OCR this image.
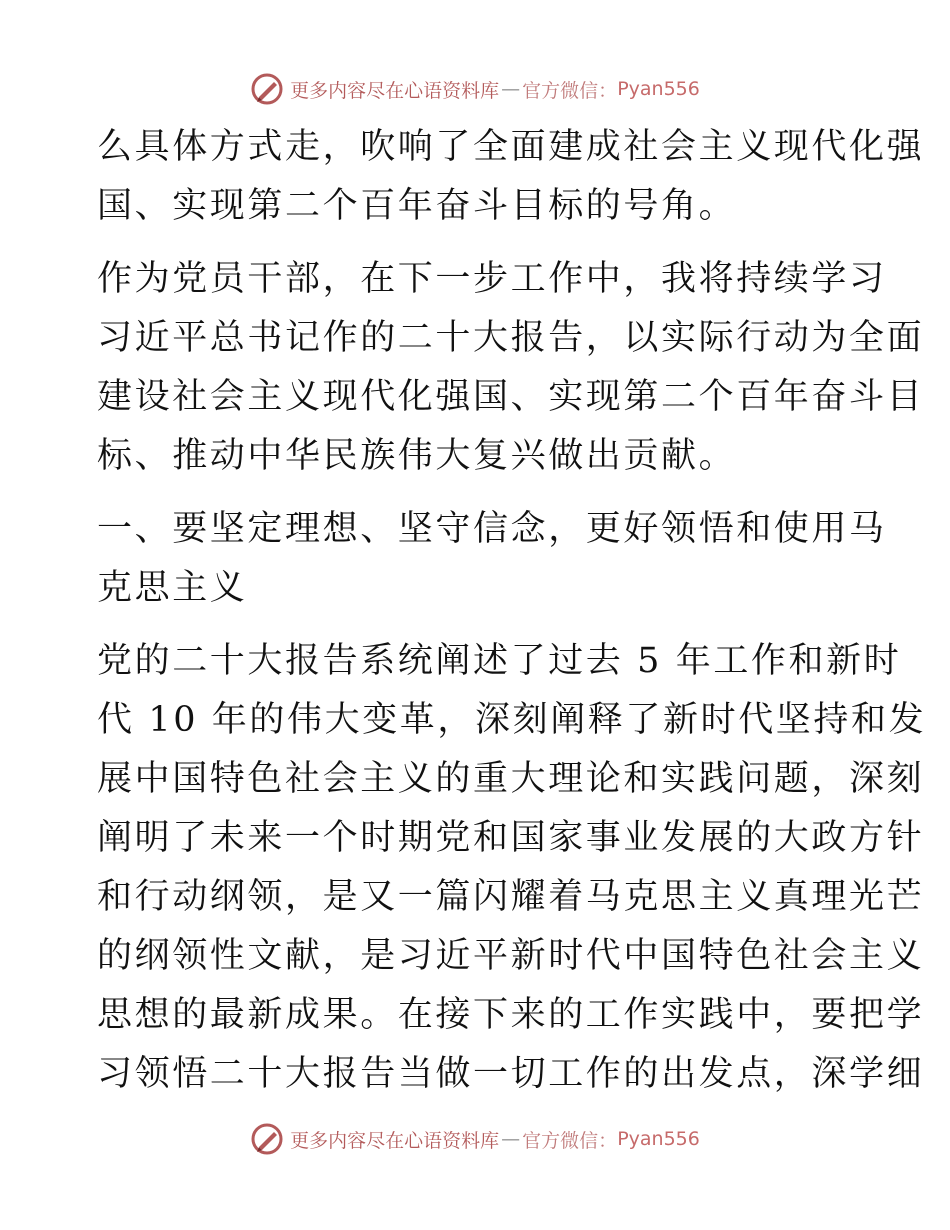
更多内容尽在心语资料库 — 官方微信： Pyan556
么具体方式走，吹响了全面建成社会主义现代化强
国、实现第二个百年奋斗目标的号角。
作为党员干部，在下一步工作中，我将持续学习
习近平总书记作的二十大报告，以实际行动为全面
建设社会主义现代化强国、实现第二个百年奋斗目
标、推动中华民族伟大复兴做出贡献。
一、要坚定理想、坚守信念，更好领悟和使用马
克思主义
党的二十大报告系统阐述了过去 5 年工作和新时
代 10 年的伟大变革，深刻阐释了新时代坚持和发
展中国特色社会主义的重大理论和实践问题，深刻
阐明了未来一个时期党和国家事业发展的大政方针
和行动纲领，是又一篇闪耀着马克思主义真理光芒
的纲领性文献，是习近平新时代中国特色社会主义
思想的最新成果。在接下来的工作实践中，要把学
习领悟二十大报告当做一切工作的出发点，深学细
更多内容尽在心语资料库 — 官方微信： Pyan556
